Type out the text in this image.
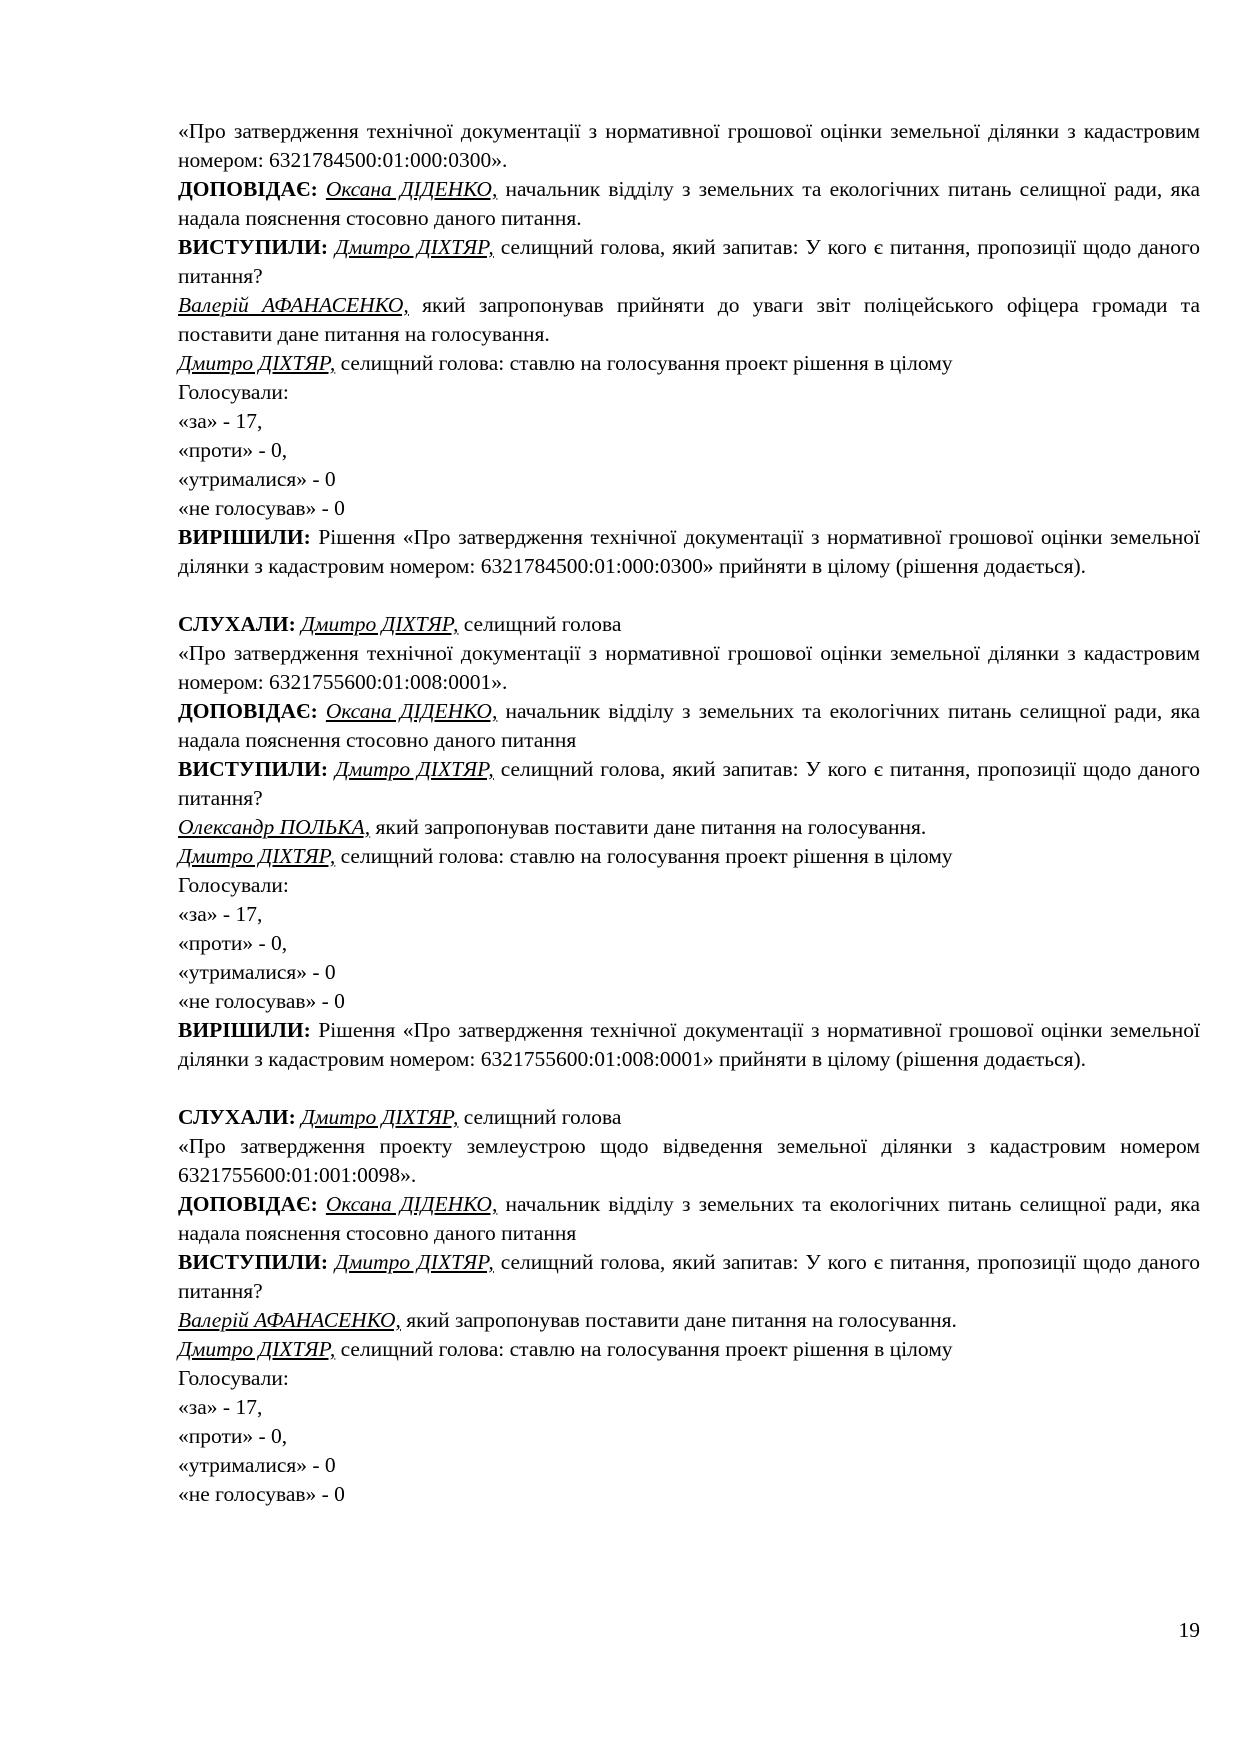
«Про затвердження технічної документації з нормативної грошової оцінки земельної ділянки з кадастровим номером: 6321784500:01:000:0300».

ДОПОВІДАЄ: Оксана ДІДЕНКО, начальник відділу з земельних та екологічних питань селищної ради, яка надала пояснення стосовно даного питання.

ВИСТУПИЛИ: Дмитро ДІХТЯР, селищний голова, який запитав: У кого є питання, пропозиції щодо даного питання?

Валерій АФАНАСЕНКО, який запропонував прийняти до уваги звіт поліцейського офіцера громади та поставити дане питання на голосування.

Дмитро ДІХТЯР, селищний голова: ставлю на голосування проект рішення в цілому

Голосували:

«за» - 17,

«проти» - 0,

«утрималися» - 0

«не голосував» - 0

ВИРІШИЛИ: Рішення «Про затвердження технічної документації з нормативної грошової оцінки земельної ділянки з кадастровим номером: 6321784500:01:000:0300» прийняти в цілому (рішення додається).

СЛУХАЛИ: Дмитро ДІХТЯР, селищний голова

«Про затвердження технічної документації з нормативної грошової оцінки земельної ділянки з кадастровим номером: 6321755600:01:008:0001».

ДОПОВІДАЄ: Оксана ДІДЕНКО, начальник відділу з земельних та екологічних питань селищної ради, яка надала пояснення стосовно даного питання

ВИСТУПИЛИ: Дмитро ДІХТЯР, селищний голова, який запитав: У кого є питання, пропозиції щодо даного питання?

Олександр ПОЛЬКА, який запропонував поставити дане питання на голосування.

Дмитро ДІХТЯР, селищний голова: ставлю на голосування проект рішення в цілому

Голосували:

«за» - 17,

«проти» - 0,

«утрималися» - 0

«не голосував» - 0

ВИРІШИЛИ: Рішення «Про затвердження технічної документації з нормативної грошової оцінки земельної ділянки з кадастровим номером: 6321755600:01:008:0001» прийняти в цілому (рішення додається).

СЛУХАЛИ: Дмитро ДІХТЯР, селищний голова

«Про затвердження проекту землеустрою щодо відведення земельної ділянки з кадастровим номером 6321755600:01:001:0098».

ДОПОВІДАЄ: Оксана ДІДЕНКО, начальник відділу з земельних та екологічних питань селищної ради, яка надала пояснення стосовно даного питання

ВИСТУПИЛИ: Дмитро ДІХТЯР, селищний голова, який запитав: У кого є питання, пропозиції щодо даного питання?

Валерій АФАНАСЕНКО, який запропонував поставити дане питання на голосування.

Дмитро ДІХТЯР, селищний голова: ставлю на голосування проект рішення в цілому

Голосували:

«за» - 17,

«проти» - 0,

«утрималися» - 0

«не голосував» - 0

19
